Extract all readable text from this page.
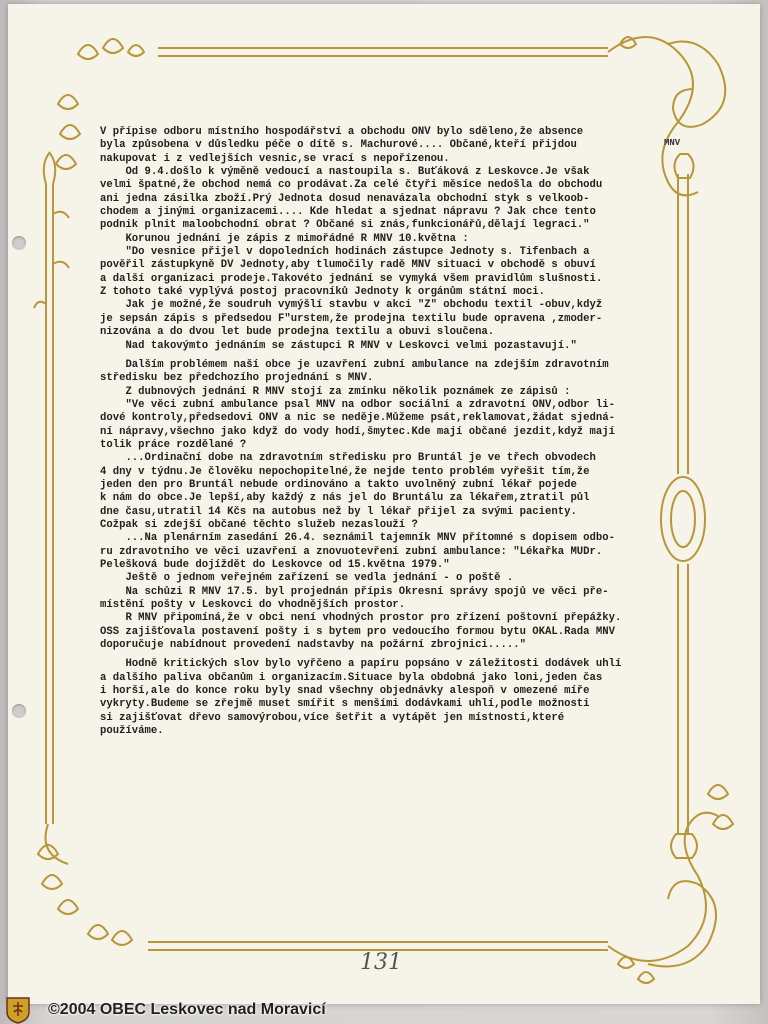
MNV

V přípise odboru místního hospodářství a obchodu ONV bylo sděleno,že absence

byla způsobena v důsledku péče o dítě s. Machurové.... Občané,kteří přijdou

nakupovat i z vedlejších vesnic,se vrací s nepořízenou.

Od 9.4.došlo k výměně vedoucí a nastoupila s. Buťáková z Leskovce.Je však

velmi špatné,že obchod nemá co prodávat.Za celé čtyři měsíce nedošla do obchodu

ani jedna zásilka zboží.Prý Jednota dosud nenavázala obchodní styk s velkoob-

chodem a jinými organizacemi.... Kde hledat a sjednat nápravu ? Jak chce tento

podnik plnit maloobchodní obrat ? Občané si znás,funkcionářů,dělají legraci."

Korunou jednání je zápis z mimořádné R MNV 10.května :

"Do vesnice přijel v dopoledních hodinách zástupce Jednoty s. Tifenbach a

pověřil zástupkyně DV Jednoty,aby tlumočily radě MNV situaci v obchodě s obuví

a další organizaci prodeje.Takovéto jednání se vymyká všem pravidlům slušnosti.

Z tohoto také vyplývá postoj pracovníků Jednoty k orgánům státní moci.

Jak je možné,že soudruh vymýšlí stavbu v akci "Z" obchodu textil -obuv,když

je sepsán zápis s předsedou F"urstem,že prodejna textilu bude opravena ,zmoder-

nizována a do dvou let bude prodejna textilu a obuvi sloučena.

Nad takovýmto jednáním se zástupci R MNV v Leskovci velmi pozastavují."

Dalším problémem naší obce je uzavření zubní ambulance na zdejším zdravotním

středisku bez předchozího projednání s MNV.

Z dubnových jednání R MNV stojí za zmínku několik poznámek ze zápisů :

"Ve věci zubní ambulance psal MNV na odbor sociální a zdravotní ONV,odbor li-

dové kontroly,předsedovi ONV a nic se neděje.Můžeme psát,reklamovat,žádat sjedná-

ní nápravy,všechno jako když do vody hodí,šmytec.Kde mají občané jezdit,když mají

tolik práce rozdělané ?

...Ordinační dobe na zdravotním středisku pro Bruntál je ve třech obvodech

4 dny v týdnu.Je člověku nepochopitelné,že nejde tento problém vyřešit tím,že

jeden den pro Bruntál nebude ordinováno a takto uvolněný zubní lékař pojede

k nám do obce.Je lepší,aby každý z nás jel do Bruntálu za lékařem,ztratil půl

dne času,utratil 14 Kčs na autobus než by l lékař přijel za svými pacienty.

Cožpak si zdejší občané těchto služeb nezaslouží ?

...Na plenárním zasedání 26.4. seznámil tajemník MNV přítomné s dopisem odbo-

ru zdravotního ve věci uzavření a znovuotevření zubní ambulance: "Lékařka MUDr.

Pelešková bude dojíždět do Leskovce od 15.května 1979."

Ještě o jednom veřejném zařízení se vedla jednání - o poště .

Na schůzi R MNV 17.5. byl projednán přípis Okresní správy spojů ve věci pře-

místění pošty v Leskovci do vhodnějších prostor.

R MNV připomíná,že v obci není vhodných prostor pro zřízení poštovní přepážky.

OSS zajišťovala postavení pošty i s bytem pro vedoucího formou bytu OKAL.Rada MNV

doporučuje nabídnout provedení nadstavby na požární zbrojnici....."

Hodně kritických slov bylo vyřčeno a papíru popsáno v záležitosti dodávek uhlí

a dalšího paliva občanům i organizacím.Situace byla obdobná jako loni,jeden čas

i horší,ale do konce roku byly snad všechny objednávky alespoň v omezené míře

vykryty.Budeme se zřejmě muset smířit s menšími dodávkami uhlí,podle možnosti

si zajišťovat dřevo samovýrobou,více šetřit a vytápět jen místnosti,které

používáme.

131
©2004 OBEC Leskovec nad Moravicí
